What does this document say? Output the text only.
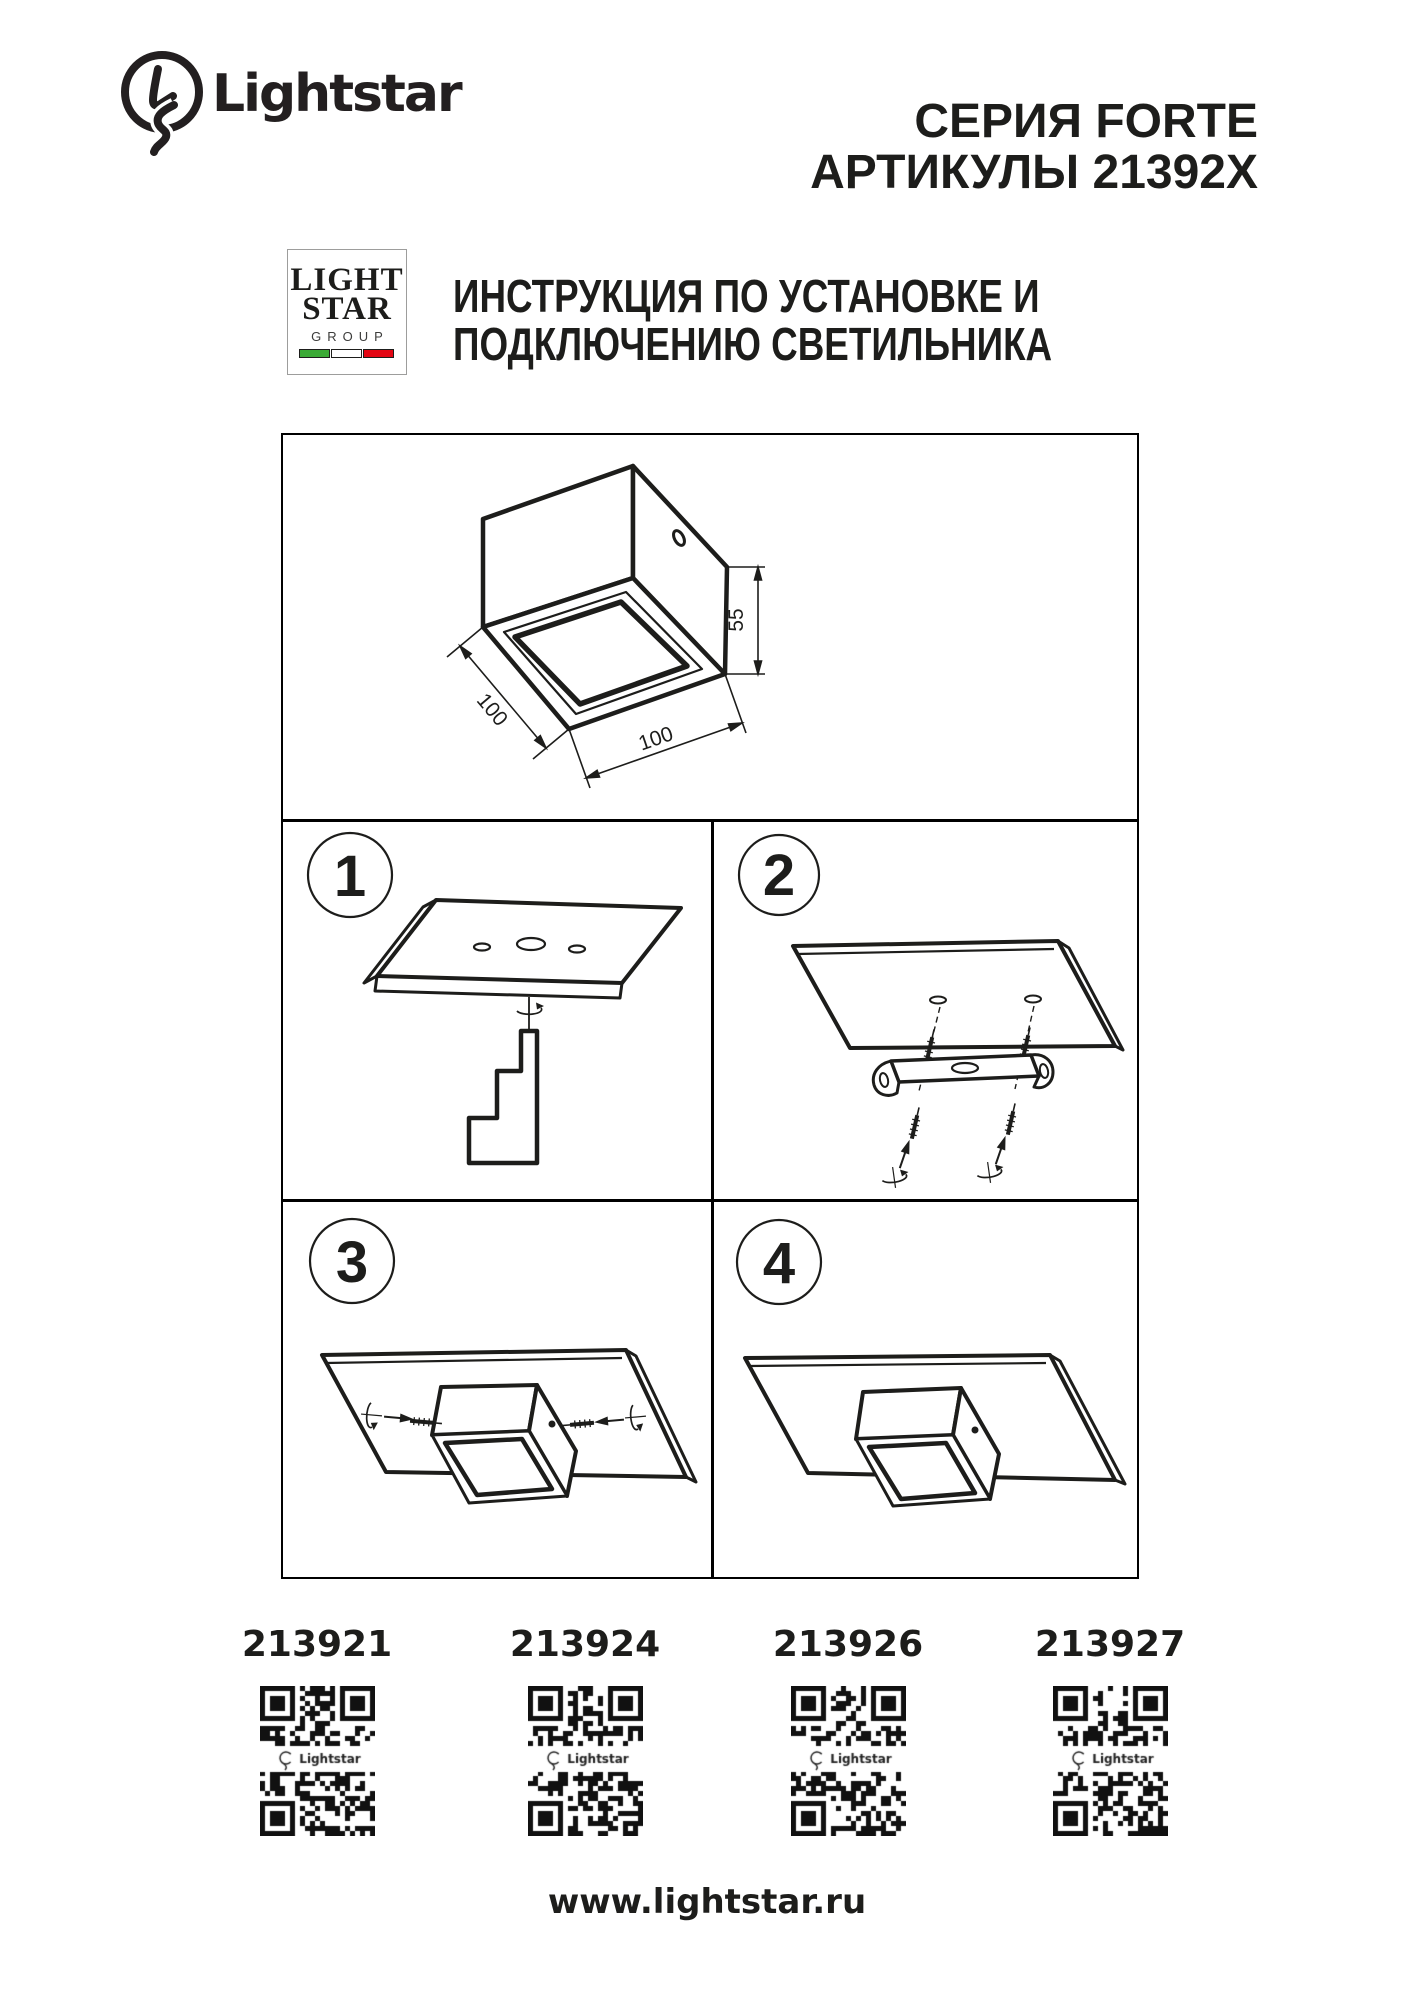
Lightstar	СЕРИЯ FORTE
АРТИКУЛЫ 21392X
LIGHT
STAR
GROUP
ИНСТРУКЦИЯ ПО УСТАНОВКЕ И
ПОДКЛЮЧЕНИЮ СВЕТИЛЬНИКА
100
100
55
1	2
3	4
213921	213924	213926	213927
www.lightstar.ru
